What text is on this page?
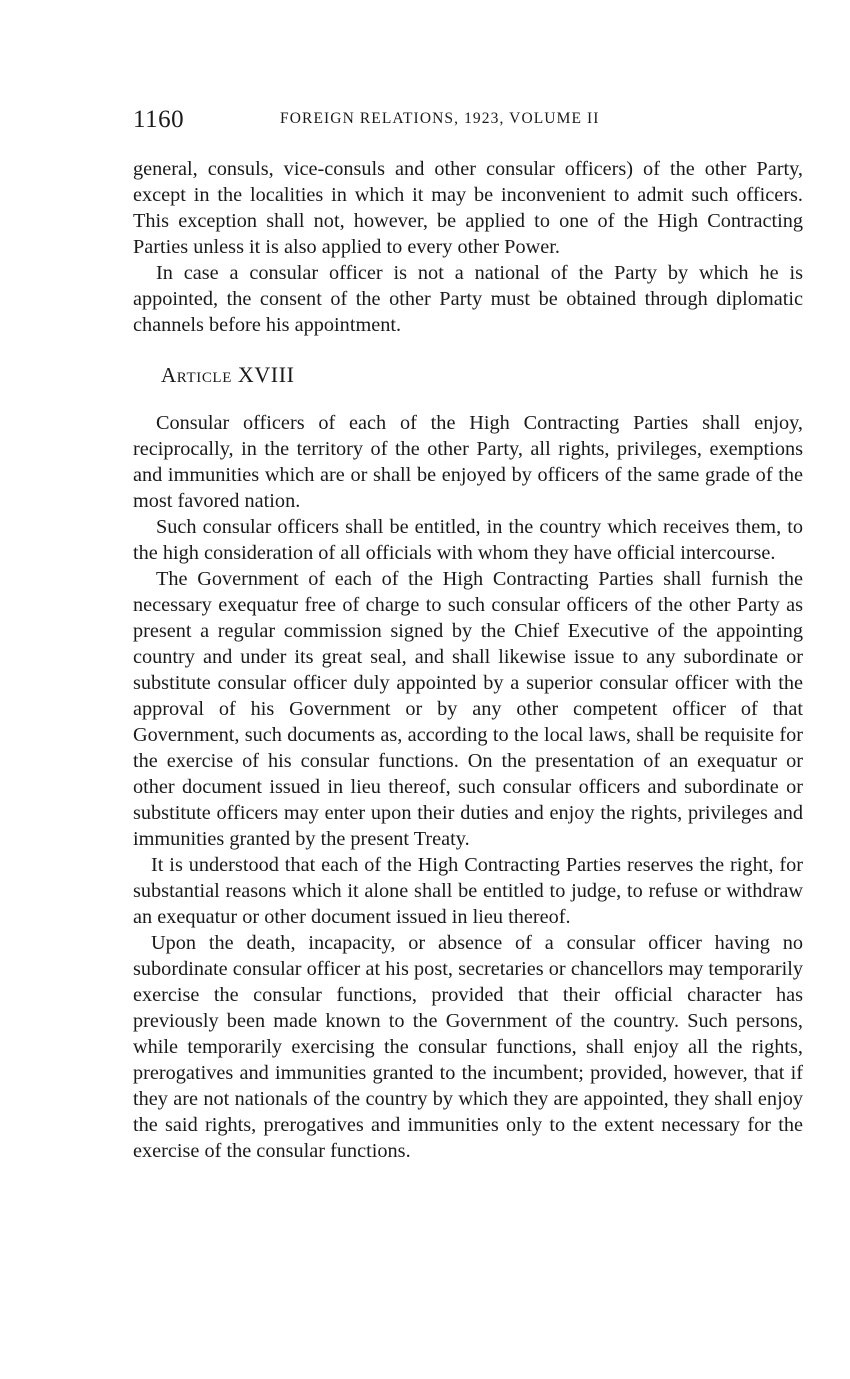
1160	FOREIGN RELATIONS, 1923, VOLUME II

general, consuls, vice-consuls and other consular officers) of the other Party, except in the localities in which it may be inconvenient to admit such officers. This exception shall not, however, be applied to one of the High Contracting Parties unless it is also applied to every other Power.

In case a consular officer is not a national of the Party by which he is appointed, the consent of the other Party must be obtained through diplomatic channels before his appointment.

Article XVIII

Consular officers of each of the High Contracting Parties shall enjoy, reciprocally, in the territory of the other Party, all rights, privileges, exemptions and immunities which are or shall be enjoyed by officers of the same grade of the most favored nation.

Such consular officers shall be entitled, in the country which receives them, to the high consideration of all officials with whom they have official intercourse.

The Government of each of the High Contracting Parties shall furnish the necessary exequatur free of charge to such consular officers of the other Party as present a regular commission signed by the Chief Executive of the appointing country and under its great seal, and shall likewise issue to any subordinate or substitute consular officer duly appointed by a superior consular officer with the approval of his Government or by any other competent officer of that Government, such documents as, according to the local laws, shall be requisite for the exercise of his consular functions. On the presentation of an exequatur or other document issued in lieu thereof, such consular officers and subordinate or substitute officers may enter upon their duties and enjoy the rights, privileges and immunities granted by the present Treaty.

It is understood that each of the High Contracting Parties reserves the right, for substantial reasons which it alone shall be entitled to judge, to refuse or withdraw an exequatur or other document issued in lieu thereof.

Upon the death, incapacity, or absence of a consular officer having no subordinate consular officer at his post, secretaries or chancellors may temporarily exercise the consular functions, provided that their official character has previously been made known to the Government of the country. Such persons, while temporarily exercising the consular functions, shall enjoy all the rights, prerogatives and immunities granted to the incumbent; provided, however, that if they are not nationals of the country by which they are appointed, they shall enjoy the said rights, prerogatives and immunities only to the extent necessary for the exercise of the consular functions.
